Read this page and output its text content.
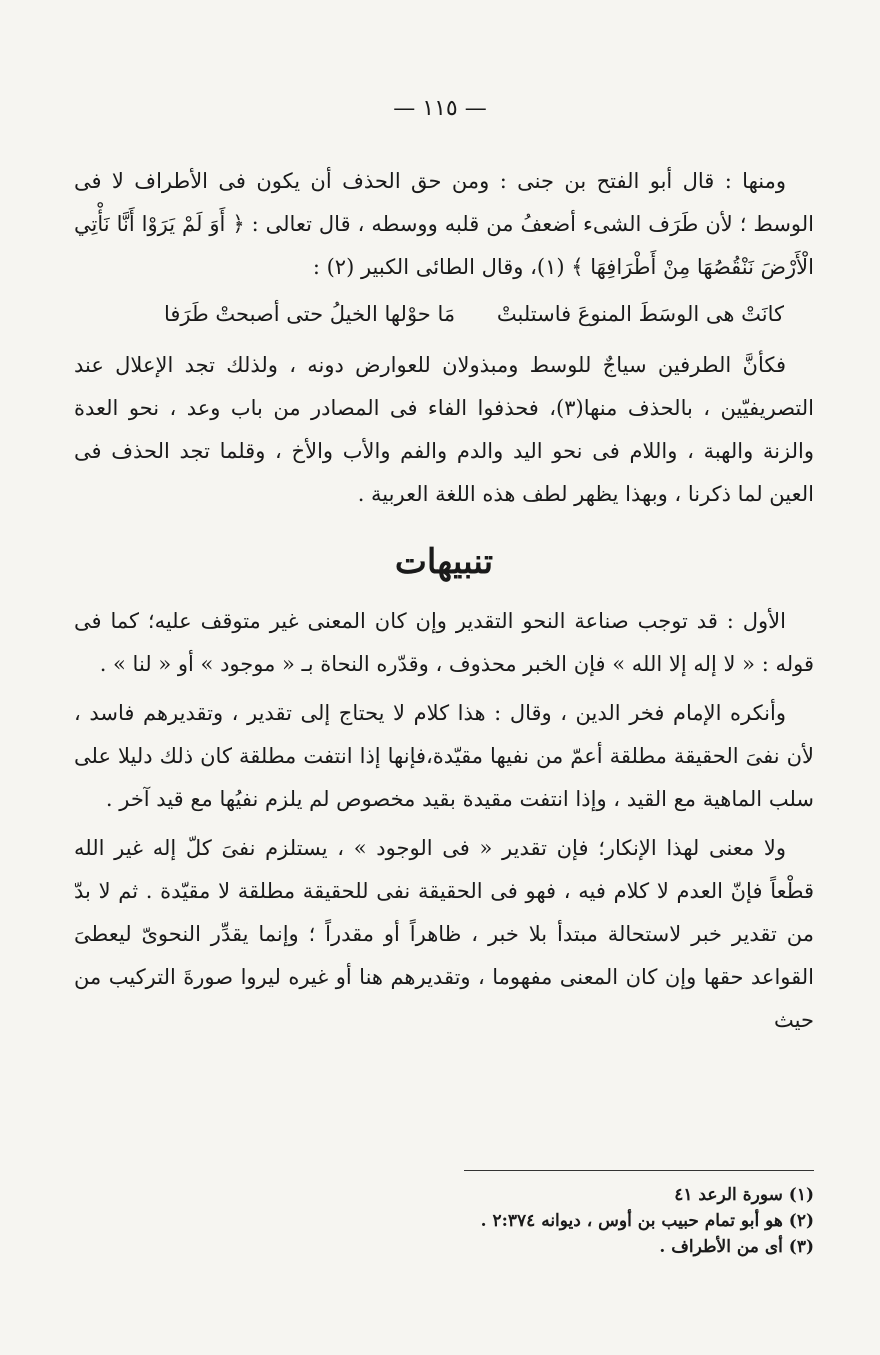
— ١١٥ —

ومنها : قال أبو الفتح بن جنى : ومن حق الحذف أن يكون فى الأطراف لا فى الوسط ؛ لأن طَرَف الشىء أضعفُ من قلبه ووسطه ، قال تعالى : ﴿ أَوَ لَمْ يَرَوْا أَنَّا نَأْتِي الْأَرْضَ نَنْقُصُهَا مِنْ أَطْرَافِهَا ﴾ (١)، وقال الطائى الكبير (٢) :

كانَتْ هى الوسَطَ المنوعَ فاستلبتْ
مَا حوْلها الخيلُ حتى أصبحتْ طَرَفا

فكأنَّ الطرفين سياجٌ للوسط ومبذولان للعوارض دونه ، ولذلك تجد الإعلال عند التصريفيّين ، بالحذف منها(٣)، فحذفوا الفاء فى المصادر من باب وعد ، نحو العدة والزنة والهبة ، واللام فى نحو اليد والدم والفم والأب والأخ ، وقلما تجد الحذف فى العين لما ذكرنا ، وبهذا يظهر لطف هذه اللغة العربية .

تنبيهات

الأول : قد توجب صناعة النحو التقدير وإن كان المعنى غير متوقف عليه؛ كما فى قوله : « لا إله إلا الله » فإن الخبر محذوف ، وقدّره النحاة بـ « موجود » أو « لنا » .

وأنكره الإمام فخر الدين ، وقال : هذا كلام لا يحتاج إلى تقدير ، وتقديرهم فاسد ، لأن نفىَ الحقيقة مطلقة أعمّ من نفيها مقيّدة،فإنها إذا انتفت مطلقة كان ذلك دليلا على سلب الماهية مع القيد ، وإذا انتفت مقيدة بقيد مخصوص لم يلزم نفيُها مع قيد آخر .

ولا معنى لهذا الإنكار؛ فإن تقدير « فى الوجود » ، يستلزم نفىَ كلّ إله غير الله قطْعاً فإنّ العدم لا كلام فيه ، فهو فى الحقيقة نفى للحقيقة مطلقة لا مقيّدة . ثم لا بدّ من تقدير خبر لاستحالة مبتدأ بلا خبر ، ظاهراً أو مقدراً ؛ وإنما يقدِّر النحوىّ ليعطىَ القواعد حقها وإن كان المعنى مفهوما ، وتقديرهم هنا أو غيره ليروا صورةَ التركيب من حيث

(١) سورة الرعد ٤١
(٢) هو أبو تمام حبيب بن أوس ، ديوانه ٢:٣٧٤ .
(٣) أى من الأطراف .
